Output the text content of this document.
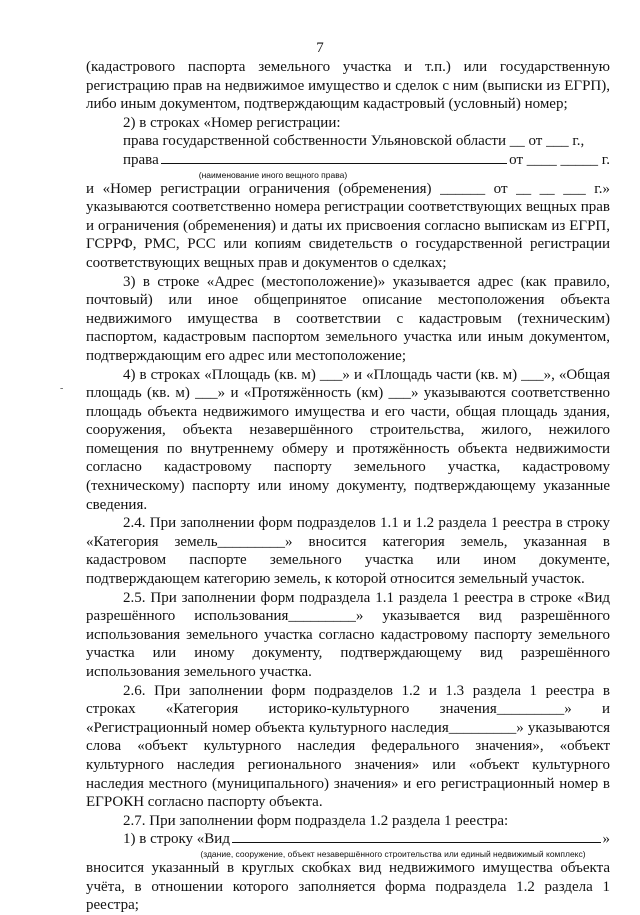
7
-

(кадастрового паспорта земельного участка и т.п.) или государственную регистрацию прав на недвижимое имущество и сделок с ним (выписки из ЕГРП), либо иным документом, подтверждающим кадастровый (условный) номер;

2) в строках «Номер регистрации:

права государственной собственности Ульяновской области __ от ___ г.,

права	от ____ _____ г.

(наименование иного вещного права)

и «Номер регистрации ограничения (обременения) ______ от __ __ ___ г.» указываются соответственно номера регистрации соответствующих вещных прав и ограничения (обременения) и даты их присвоения согласно выпискам из ЕГРП, ГСРРФ, РМС, РСС или копиям свидетельств о государственной регистрации соответствующих вещных прав и документов о сделках;

3) в строке «Адрес (местоположение)» указывается адрес (как правило, почтовый) или иное общепринятое описание местоположения объекта недвижимого имущества в соответствии с кадастровым (техническим) паспортом, кадастровым паспортом земельного участка или иным документом, подтверждающим его адрес или местоположение;

4) в строках «Площадь (кв. м) ___» и «Площадь части (кв. м) ___», «Общая площадь (кв. м) ___» и «Протяжённость (км) ___» указываются соответственно площадь объекта недвижимого имущества и его части, общая площадь здания, сооружения, объекта незавершённого строительства, жилого, нежилого помещения по внутреннему обмеру и протяжённость объекта недвижимости согласно кадастровому паспорту земельного участка, кадастровому (техническому) паспорту или иному документу, подтверждающему указанные сведения.

2.4. При заполнении форм подразделов 1.1 и 1.2 раздела 1 реестра в строку «Категория земель_________» вносится категория земель, указанная в кадастровом паспорте земельного участка или ином документе, подтверждающем категорию земель, к которой относится земельный участок.

2.5. При заполнении форм подраздела 1.1 раздела 1 реестра в строке «Вид разрешённого использования_________» указывается вид разрешённого использования земельного участка согласно кадастровому паспорту земельного участка или иному документу, подтверждающему вид разрешённого использования земельного участка.

2.6. При заполнении форм подразделов 1.2 и 1.3 раздела 1 реестра в строках «Категория историко-культурного значения_________» и «Регистрационный номер объекта культурного наследия_________» указываются слова «объект культурного наследия федерального значения», «объект культурного наследия регионального значения» или «объект культурного наследия местного (муниципального) значения» и его регистрационный номер в ЕГРОКН согласно паспорту объекта.

2.7. При заполнении форм подраздела 1.2 раздела 1 реестра:

1) в строку «Вид	»

(здание, сооружение, объект незавершённого строительства или единый недвижимый комплекс)

вносится указанный в круглых скобках вид недвижимого имущества объекта учёта, в отношении которого заполняется форма подраздела 1.2 раздела 1 реестра;
